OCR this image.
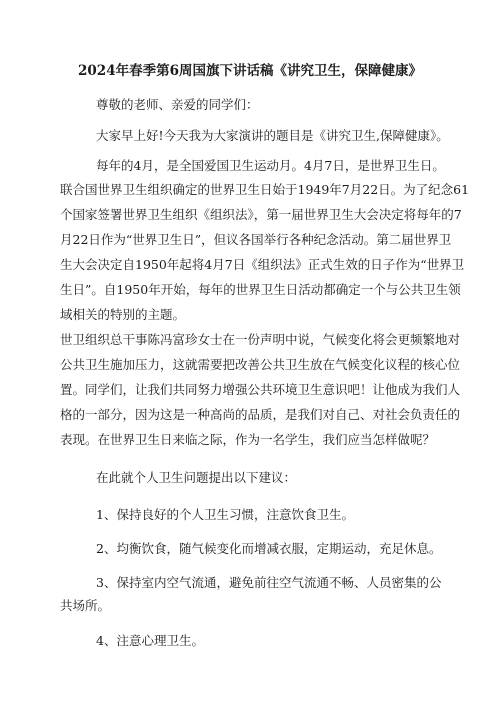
2024年春季第6周国旗下讲话稿《讲究卫生，保障健康》
尊敬的老师、亲爱的同学们：
大家早上好!今天我为大家演讲的题目是《讲究卫生,保障健康》。
每年的4月，是全国爱国卫生运动月。4月7日，是世界卫生日。
联合国世界卫生组织确定的世界卫生日始于1949年7月22日。为了纪念61
个国家签署世界卫生组织《组织法》，第一届世界卫生大会决定将每年的7
月22日作为“世界卫生日”，但议各国举行各种纪念活动。第二届世界卫
生大会决定自1950年起将4月7日《组织法》正式生效的日子作为“世界卫
生日”。自1950年开始，每年的世界卫生日活动都确定一个与公共卫生领
域相关的特别的主题。
世卫组织总干事陈冯富珍女士在一份声明中说，气候变化将会更频繁地对
公共卫生施加压力，这就需要把改善公共卫生放在气候变化议程的核心位
置。同学们，让我们共同努力增强公共环境卫生意识吧！让他成为我们人
格的一部分，因为这是一种高尚的品质，是我们对自己、对社会负责任的
表现。在世界卫生日来临之际，作为一名学生，我们应当怎样做呢？
在此就个人卫生问题提出以下建议：
1、保持良好的个人卫生习惯，注意饮食卫生。
2、均衡饮食，随气候变化而增减衣服，定期运动，充足休息。
3、保持室内空气流通，避免前往空气流通不畅、人员密集的公
共场所。
4、注意心理卫生。
